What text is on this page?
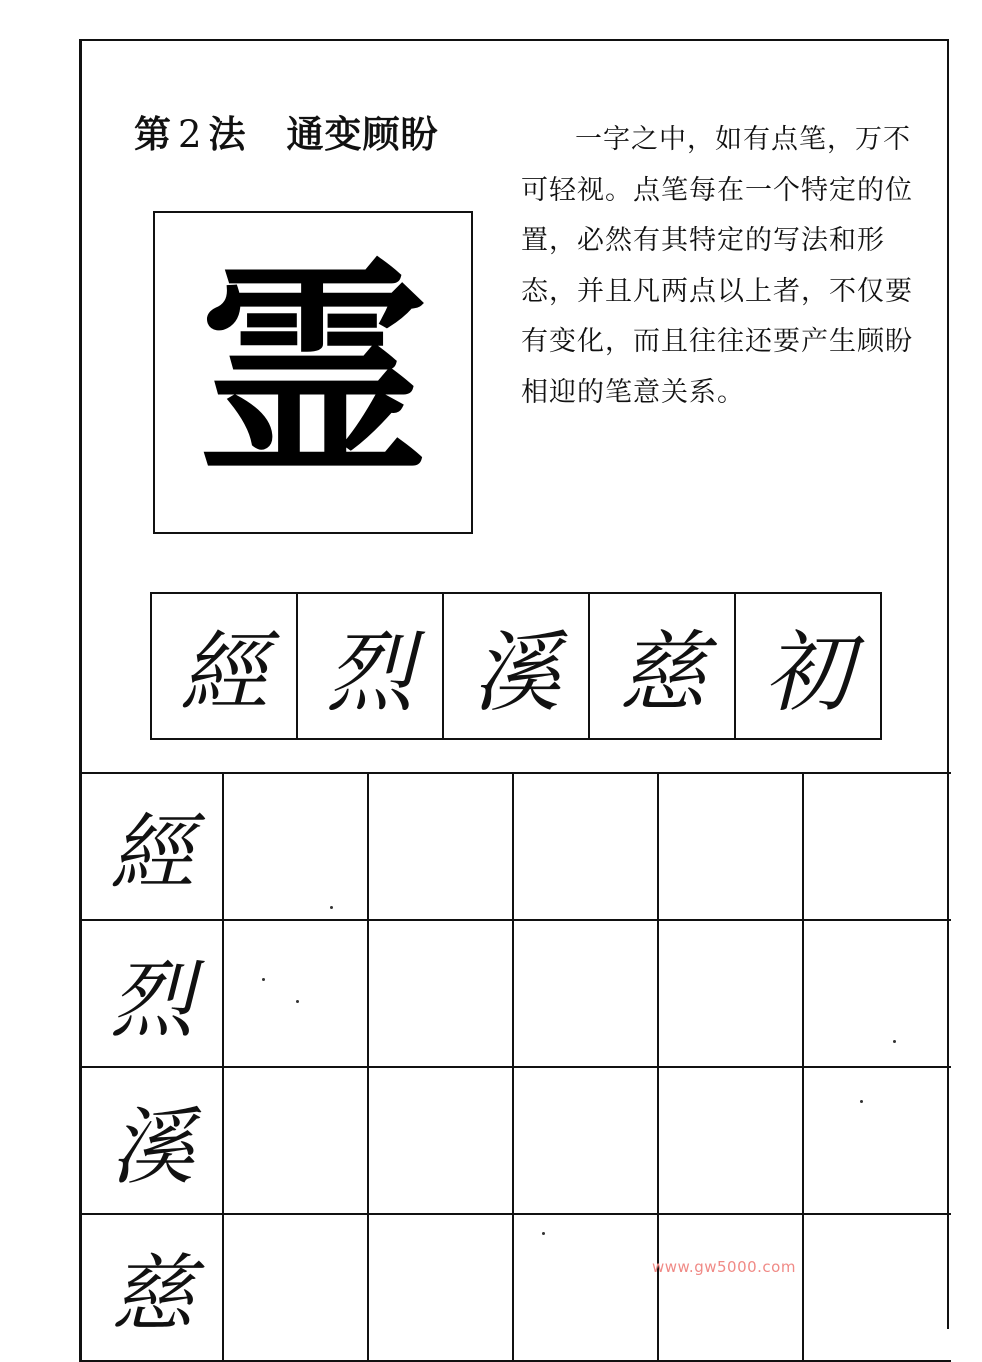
第 2 法 通变顾盼	一字之中，如有点笔，万不可轻视。点笔每在一个特定的位置，必然有其特定的写法和形态，并且凡两点以上者，不仅要有变化，而且往往还要产生顾盼相迎的笔意关系。
霊
經 烈 溪 慈 初
經
烈
溪
慈	www.gw5000.com
